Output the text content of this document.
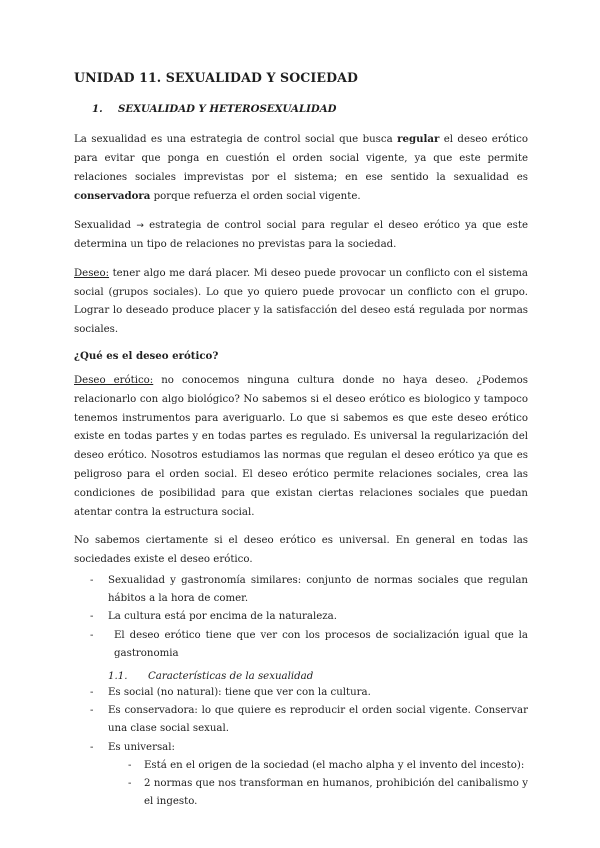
UNIDAD 11. SEXUALIDAD Y SOCIEDAD
1. SEXUALIDAD Y HETEROSEXUALIDAD

La sexualidad es una estrategia de control social que busca regular el deseo erótico para evitar que ponga en cuestión el orden social vigente, ya que este permite relaciones sociales imprevistas por el sistema; en ese sentido la sexualidad es conservadora porque refuerza el orden social vigente.

Sexualidad → estrategia de control social para regular el deseo erótico ya que este determina un tipo de relaciones no previstas para la sociedad.

Deseo: tener algo me dará placer. Mi deseo puede provocar un conflicto con el sistema social (grupos sociales). Lo que yo quiero puede provocar un conflicto con el grupo. Lograr lo deseado produce placer y la satisfacción del deseo está regulada por normas sociales.

¿Qué es el deseo erótico?

Deseo erótico: no conocemos ninguna cultura donde no haya deseo. ¿Podemos relacionarlo con algo biológico? No sabemos si el deseo erótico es biologico y tampoco tenemos instrumentos para averiguarlo. Lo que si sabemos es que este deseo erótico existe en todas partes y en todas partes es regulado. Es universal la regularización del deseo erótico. Nosotros estudiamos las normas que regulan el deseo erótico ya que es peligroso para el orden social. El deseo erótico permite relaciones sociales, crea las condiciones de posibilidad para que existan ciertas relaciones sociales que puedan atentar contra la estructura social.

No sabemos ciertamente si el deseo erótico es universal. En general en todas las sociedades existe el deseo erótico.

- Sexualidad y gastronomía similares: conjunto de normas sociales que regulan hábitos a la hora de comer.
- La cultura está por encima de la naturaleza.
- El deseo erótico tiene que ver con los procesos de socialización igual que la gastronomia
1.1. Características de la sexualidad
- Es social (no natural): tiene que ver con la cultura.
- Es conservadora: lo que quiere es reproducir el orden social vigente. Conservar una clase social sexual.
- Es universal:
- Está en el origen de la sociedad (el macho alpha y el invento del incesto):
- 2 normas que nos transforman en humanos, prohibición del canibalismo y el ingesto.
